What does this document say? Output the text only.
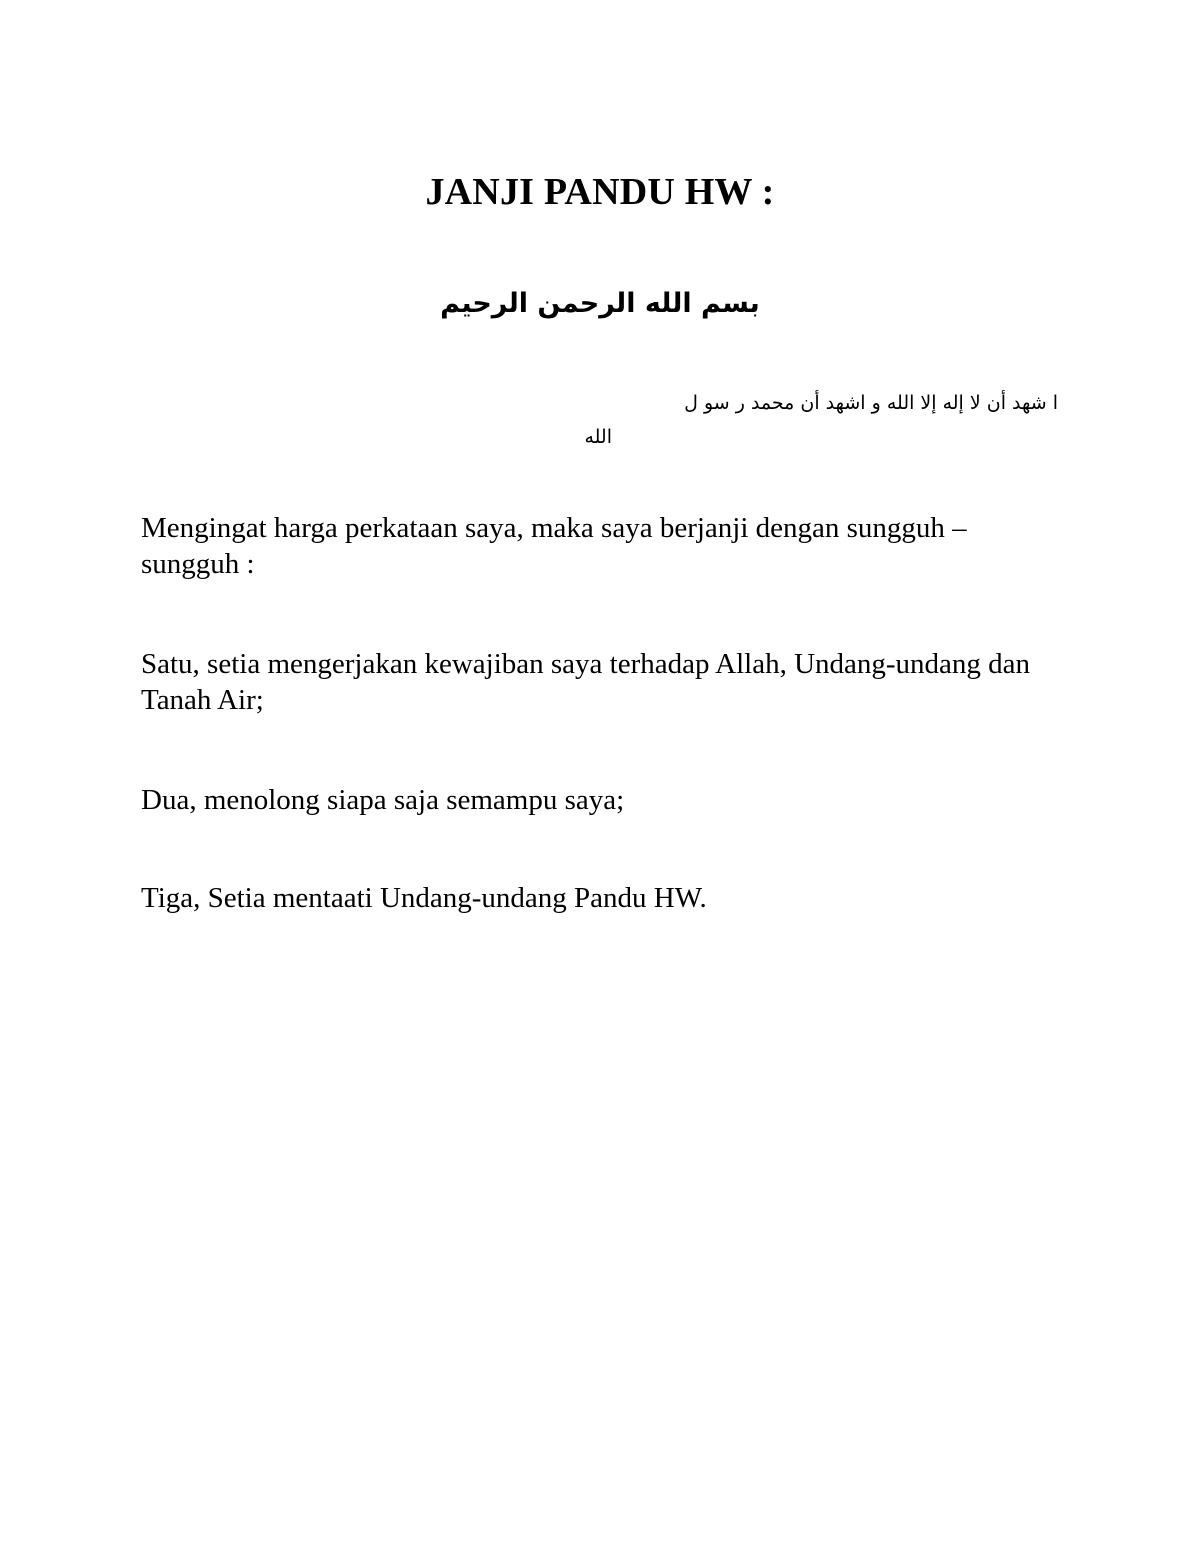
JANJI PANDU HW :
بسم الله الرحمن الرحيم
ا شهد أن لا إله إلا الله و اشهد أن محمد ر سو ل
الله
Mengingat harga perkataan saya, maka saya berjanji dengan sungguh – sungguh :
Satu, setia mengerjakan kewajiban saya terhadap Allah, Undang-undang dan Tanah Air;
Dua, menolong siapa saja semampu saya;
Tiga, Setia mentaati Undang-undang Pandu HW.
